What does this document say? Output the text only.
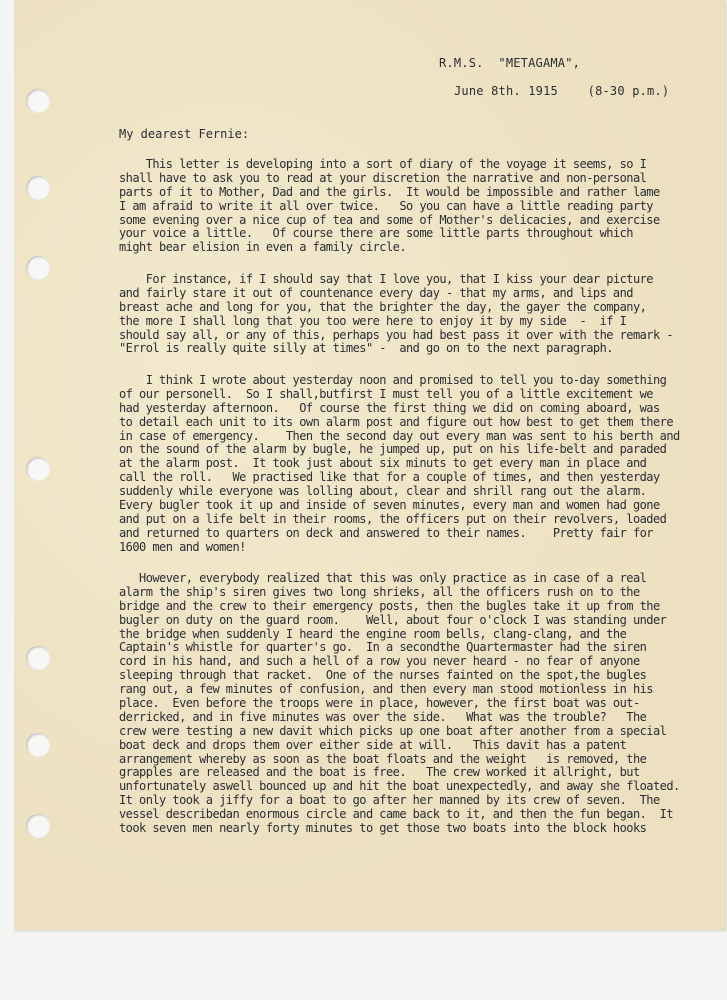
R.M.S.  "METAGAMA",
June 8th. 1915    (8-30 p.m.)
My dearest Fernie:
This letter is developing into a sort of diary of the voyage it seems, so I
shall have to ask you to read at your discretion the narrative and non-personal
parts of it to Mother, Dad and the girls.  It would be impossible and rather lame
I am afraid to write it all over twice.   So you can have a little reading party
some evening over a nice cup of tea and some of Mother's delicacies, and exercise
your voice a little.   Of course there are some little parts throughout which
might bear elision in even a family circle.
For instance, if I should say that I love you, that I kiss your dear picture
and fairly stare it out of countenance every day - that my arms, and lips and
breast ache and long for you, that the brighter the day, the gayer the company,
the more I shall long that you too were here to enjoy it by my side  -  if I
should say all, or any of this, perhaps you had best pass it over with the remark -
"Errol is really quite silly at times" -  and go on to the next paragraph.
I think I wrote about yesterday noon and promised to tell you to-day something
of our personell.  So I shall,butfirst I must tell you of a little excitement we
had yesterday afternoon.   Of course the first thing we did on coming aboard, was
to detail each unit to its own alarm post and figure out how best to get them there
in case of emergency.    Then the second day out every man was sent to his berth and
on the sound of the alarm by bugle, he jumped up, put on his life-belt and paraded
at the alarm post.  It took just about six minuts to get every man in place and
call the roll.   We practised like that for a couple of times, and then yesterday
suddenly while everyone was lolling about, clear and shrill rang out the alarm.
Every bugler took it up and inside of seven minutes, every man and women had gone
and put on a life belt in their rooms, the officers put on their revolvers, loaded
and returned to quarters on deck and answered to their names.    Pretty fair for
1600 men and women!
However, everybody realized that this was only practice as in case of a real
alarm the ship's siren gives two long shrieks, all the officers rush on to the
bridge and the crew to their emergency posts, then the bugles take it up from the
bugler on duty on the guard room.    Well, about four o'clock I was standing under
the bridge when suddenly I heard the engine room bells, clang-clang, and the
Captain's whistle for quarter's go.  In a secondthe Quartermaster had the siren
cord in his hand, and such a hell of a row you never heard - no fear of anyone
sleeping through that racket.  One of the nurses fainted on the spot,the bugles
rang out, a few minutes of confusion, and then every man stood motionless in his
place.  Even before the troops were in place, however, the first boat was out-
derricked, and in five minutes was over the side.   What was the trouble?   The
crew were testing a new davit which picks up one boat after another from a special
boat deck and drops them over either side at will.   This davit has a patent
arrangement whereby as soon as the boat floats and the weight   is removed, the
grapples are released and the boat is free.   The crew worked it allright, but
unfortunately aswell bounced up and hit the boat unexpectedly, and away she floated.
It only took a jiffy for a boat to go after her manned by its crew of seven.  The
vessel describedan enormous circle and came back to it, and then the fun began.  It
took seven men nearly forty minutes to get those two boats into the block hooks
